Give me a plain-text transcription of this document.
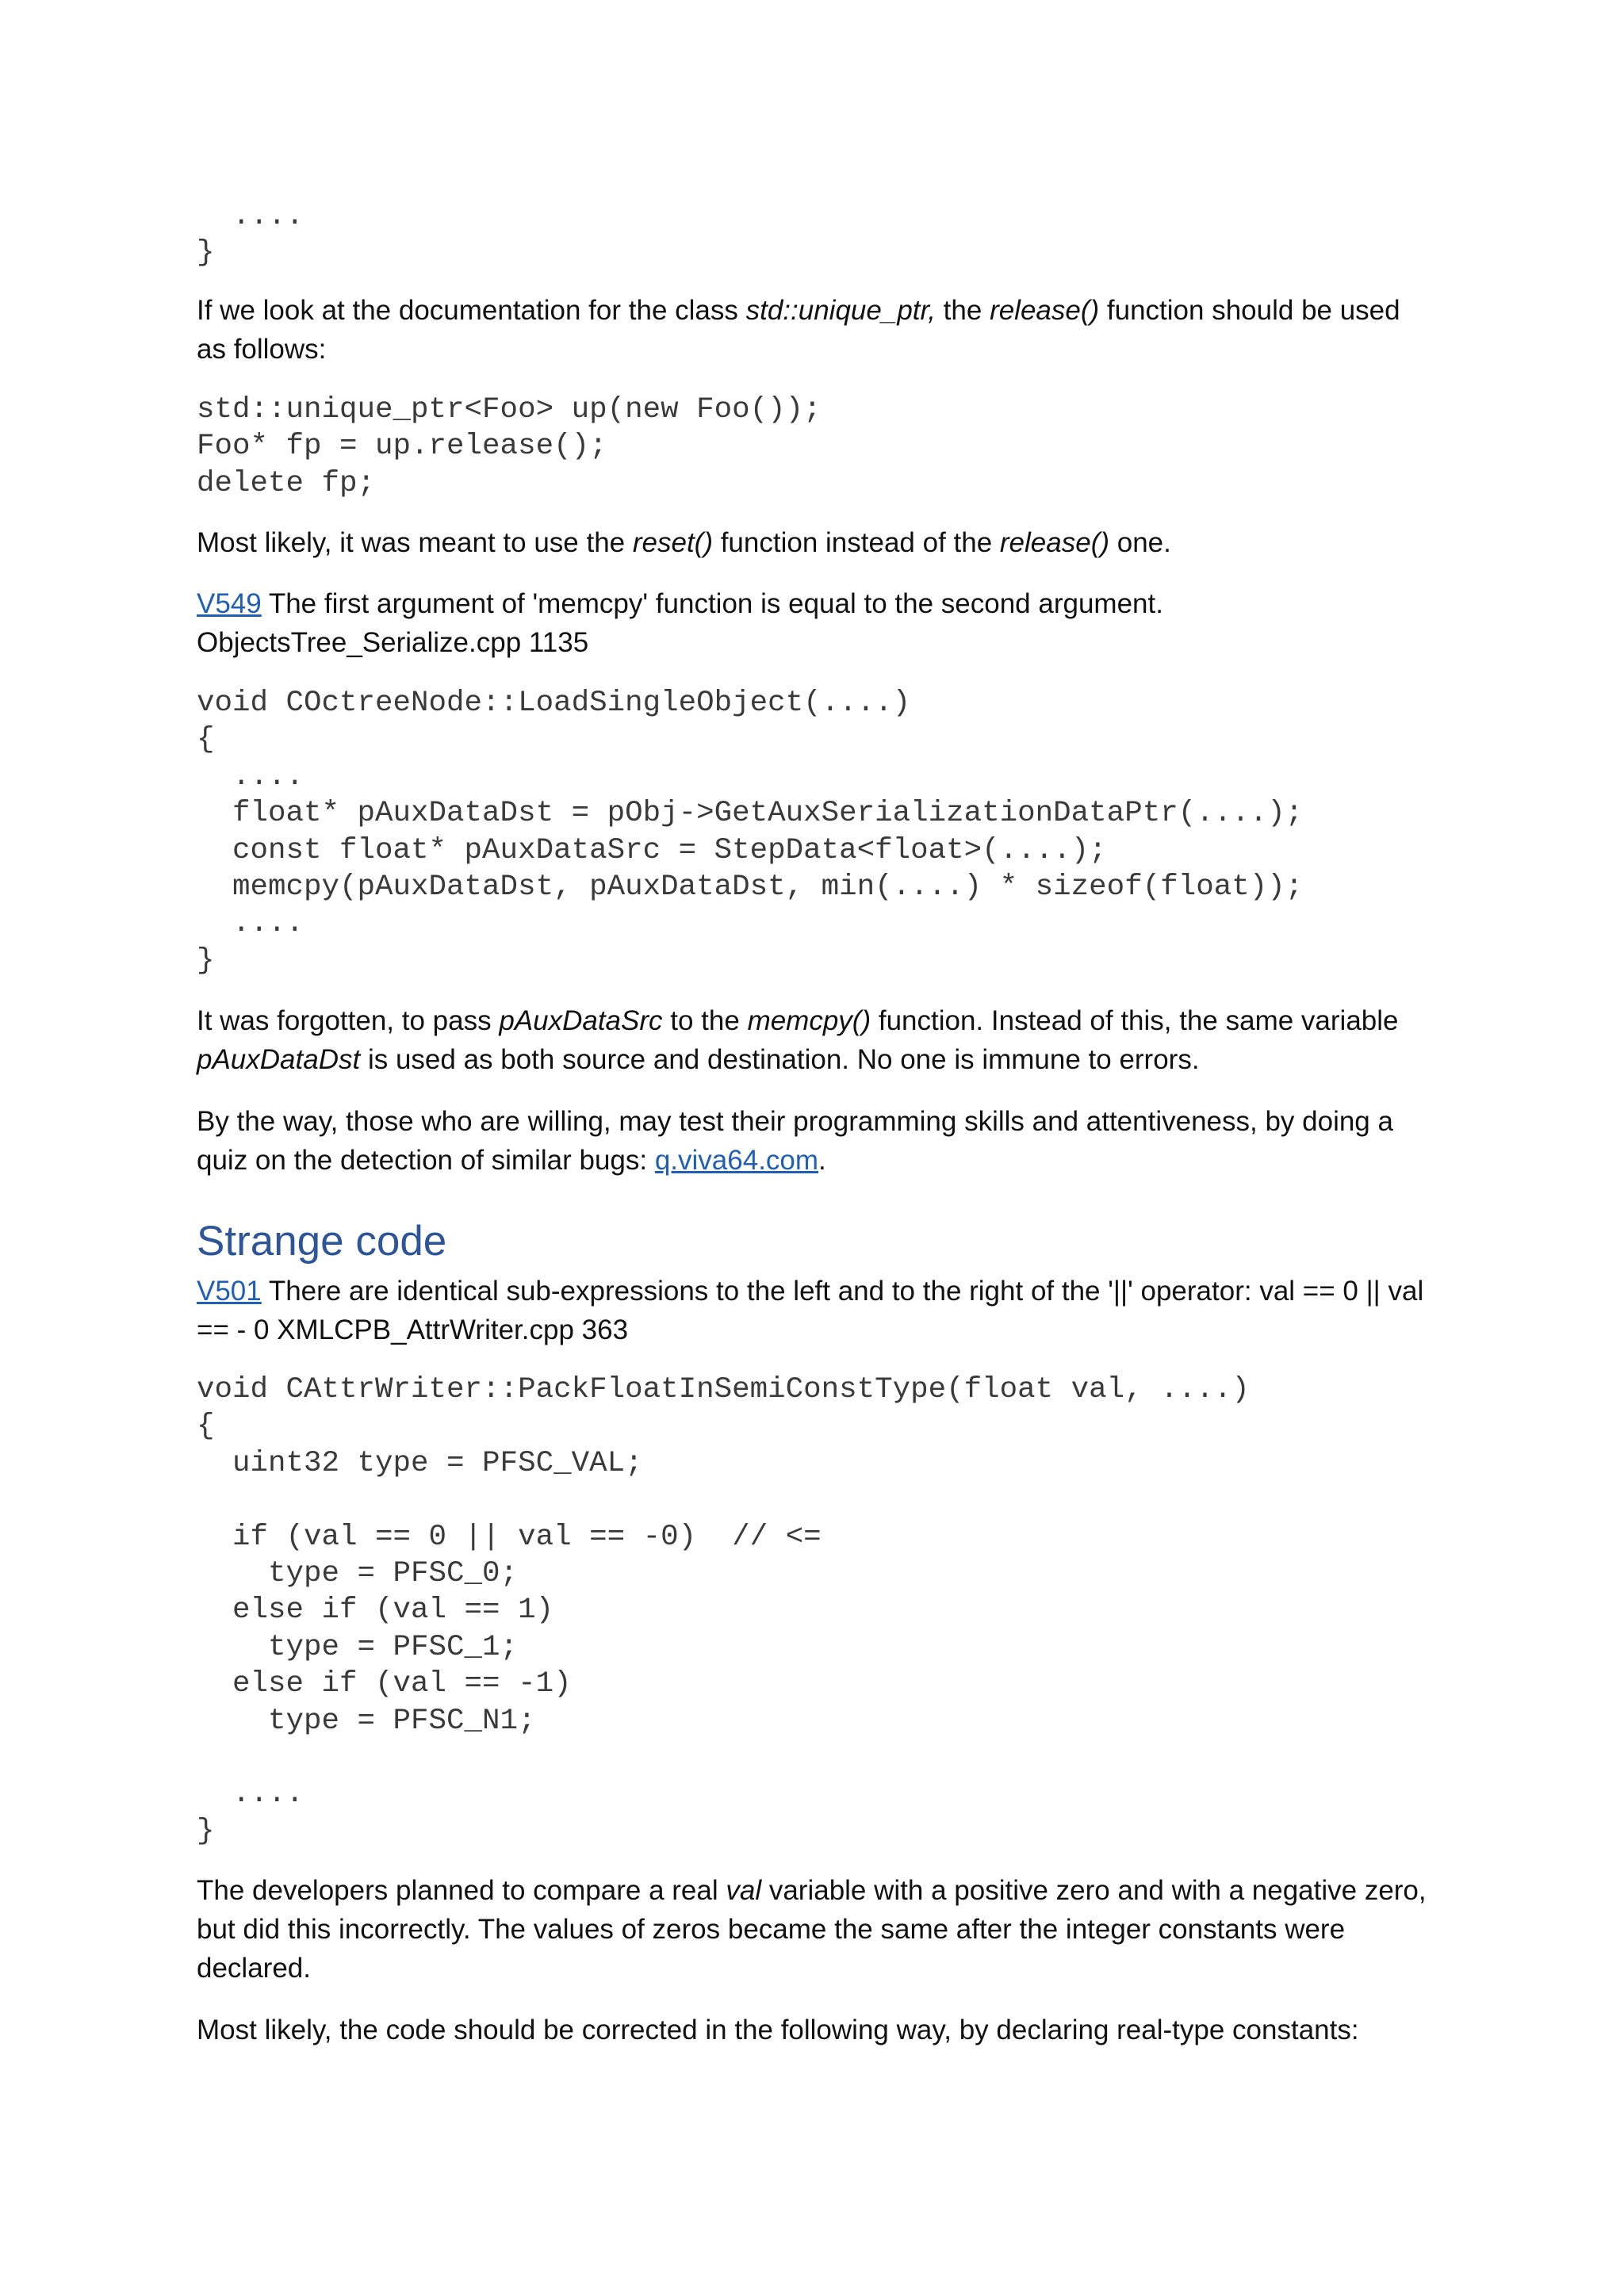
....
}

If we look at the documentation for the class std::unique_ptr, the release() function should be used as follows:

std::unique_ptr<Foo> up(new Foo());
Foo* fp = up.release();
delete fp;

Most likely, it was meant to use the reset() function instead of the release() one.

V549 The first argument of 'memcpy' function is equal to the second argument.
ObjectsTree_Serialize.cpp 1135

void COctreeNode::LoadSingleObject(....)
{
....
float* pAuxDataDst = pObj->GetAuxSerializationDataPtr(....);
const float* pAuxDataSrc = StepData<float>(....);
memcpy(pAuxDataDst, pAuxDataDst, min(....) * sizeof(float));
....
}

It was forgotten, to pass pAuxDataSrc to the memcpy() function. Instead of this, the same variable pAuxDataDst is used as both source and destination. No one is immune to errors.

By the way, those who are willing, may test their programming skills and attentiveness, by doing a quiz on the detection of similar bugs: q.viva64.com.

Strange code

V501 There are identical sub-expressions to the left and to the right of the '||' operator: val == 0 || val == - 0 XMLCPB_AttrWriter.cpp 363

void CAttrWriter::PackFloatInSemiConstType(float val, ....)
{
uint32 type = PFSC_VAL;

if (val == 0 || val == -0)  // <=
type = PFSC_0;
else if (val == 1)
type = PFSC_1;
else if (val == -1)
type = PFSC_N1;

....
}

The developers planned to compare a real val variable with a positive zero and with a negative zero, but did this incorrectly. The values of zeros became the same after the integer constants were declared.

Most likely, the code should be corrected in the following way, by declaring real-type constants:
